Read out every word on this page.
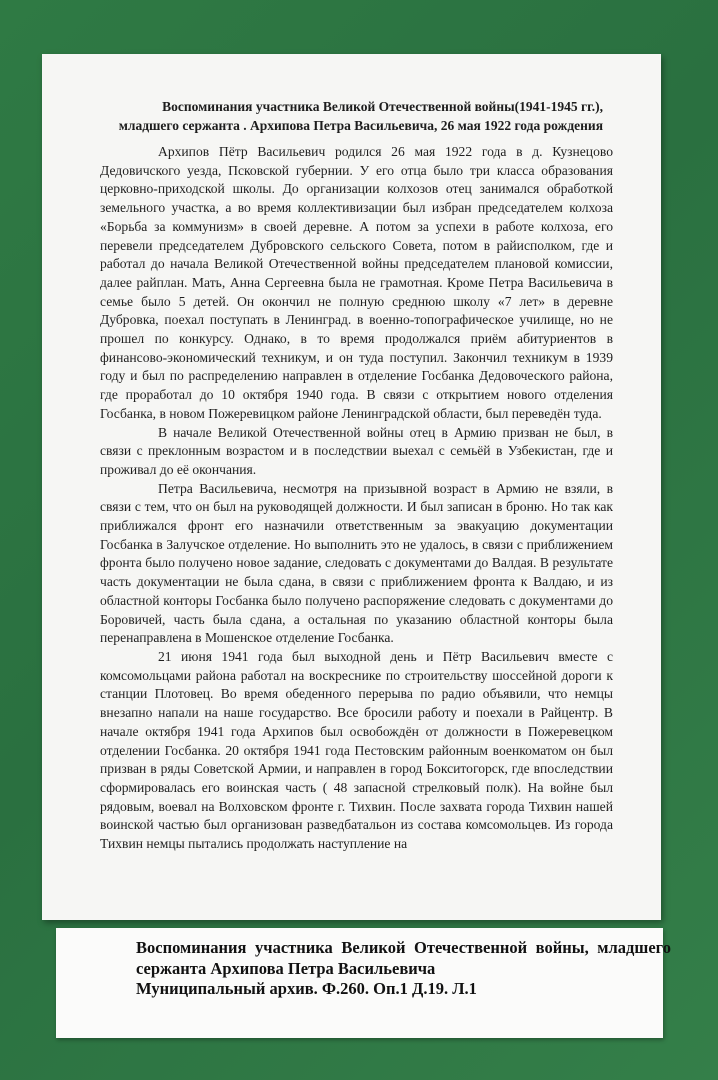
Воспоминания участника Великой Отечественной войны(1941-1945 гг.),
младшего сержанта . Архипова Петра Васильевича, 26 мая 1922 года рождения

Архипов Пётр Васильевич родился 26 мая 1922 года в д. Кузнецово Дедовичского уезда, Псковской губернии. У его отца было три класса образования церковно-приходской школы. До организации колхозов отец занимался обработкой земельного участка, а во время коллективизации был избран председателем колхоза «Борьба за коммунизм» в своей деревне. А потом за успехи в работе колхоза, его перевели председателем Дубровского сельского Совета, потом в райисполком, где и работал до начала Великой Отечественной войны председателем плановой комиссии, далее райплан. Мать, Анна Сергеевна была не грамотная. Кроме Петра Васильевича в семье было 5 детей. Он окончил не полную среднюю школу «7 лет» в деревне Дубровка, поехал поступать в Ленинград. в военно-топографическое училище, но не прошел по конкурсу. Однако, в то время продолжался приём абитуриентов в финансово-экономический техникум, и он туда поступил. Закончил техникум в 1939 году и был по распределению направлен в отделение Госбанка Дедовоческого района, где проработал до 10 октября 1940 года. В связи с открытием нового отделения Госбанка, в новом Пожеревицком районе Ленинградской области, был переведён туда.

В начале Великой Отечественной войны отец в Армию призван не был, в связи с преклонным возрастом и в последствии выехал с семьёй в Узбекистан, где и проживал до её окончания.

Петра Васильевича, несмотря на призывной возраст в Армию не взяли, в связи с тем, что он был на руководящей должности. И был записан в броню. Но так как приближался фронт его назначили ответственным за эвакуацию документации Госбанка в Залучское отделение. Но выполнить это не удалось, в связи с приближением фронта было получено новое задание, следовать с документами до Валдая. В результате часть документации не была сдана, в связи с приближением фронта к Валдаю, и из областной конторы Госбанка было получено распоряжение следовать с документами до Боровичей, часть была сдана, а остальная по указанию областной конторы была перенаправлена в Мошенское отделение Госбанка.

21 июня 1941 года был выходной день и Пётр Васильевич вместе с комсомольцами района работал на воскреснике по строительству шоссейной дороги к станции Плотовец. Во время обеденного перерыва по радио объявили, что немцы внезапно напали на наше государство. Все бросили работу и поехали в Райцентр. В начале октября 1941 года Архипов был освобождён от должности в Пожеревецком отделении Госбанка. 20 октября 1941 года Пестовским районным военкоматом он был призван в ряды Советской Армии, и направлен в город Бокситогорск, где впоследствии сформировалась его воинская часть ( 48 запасной стрелковый полк). На войне был рядовым, воевал на Волховском фронте г. Тихвин. После захвата города Тихвин нашей воинской частью был организован разведбатальон из состава комсомольцев. Из города Тихвин немцы пытались продолжать наступление на

Воспоминания участника Великой Отечественной войны, младшего сержанта Архипова Петра Васильевича
Муниципальный архив. Ф.260. Оп.1 Д.19. Л.1
